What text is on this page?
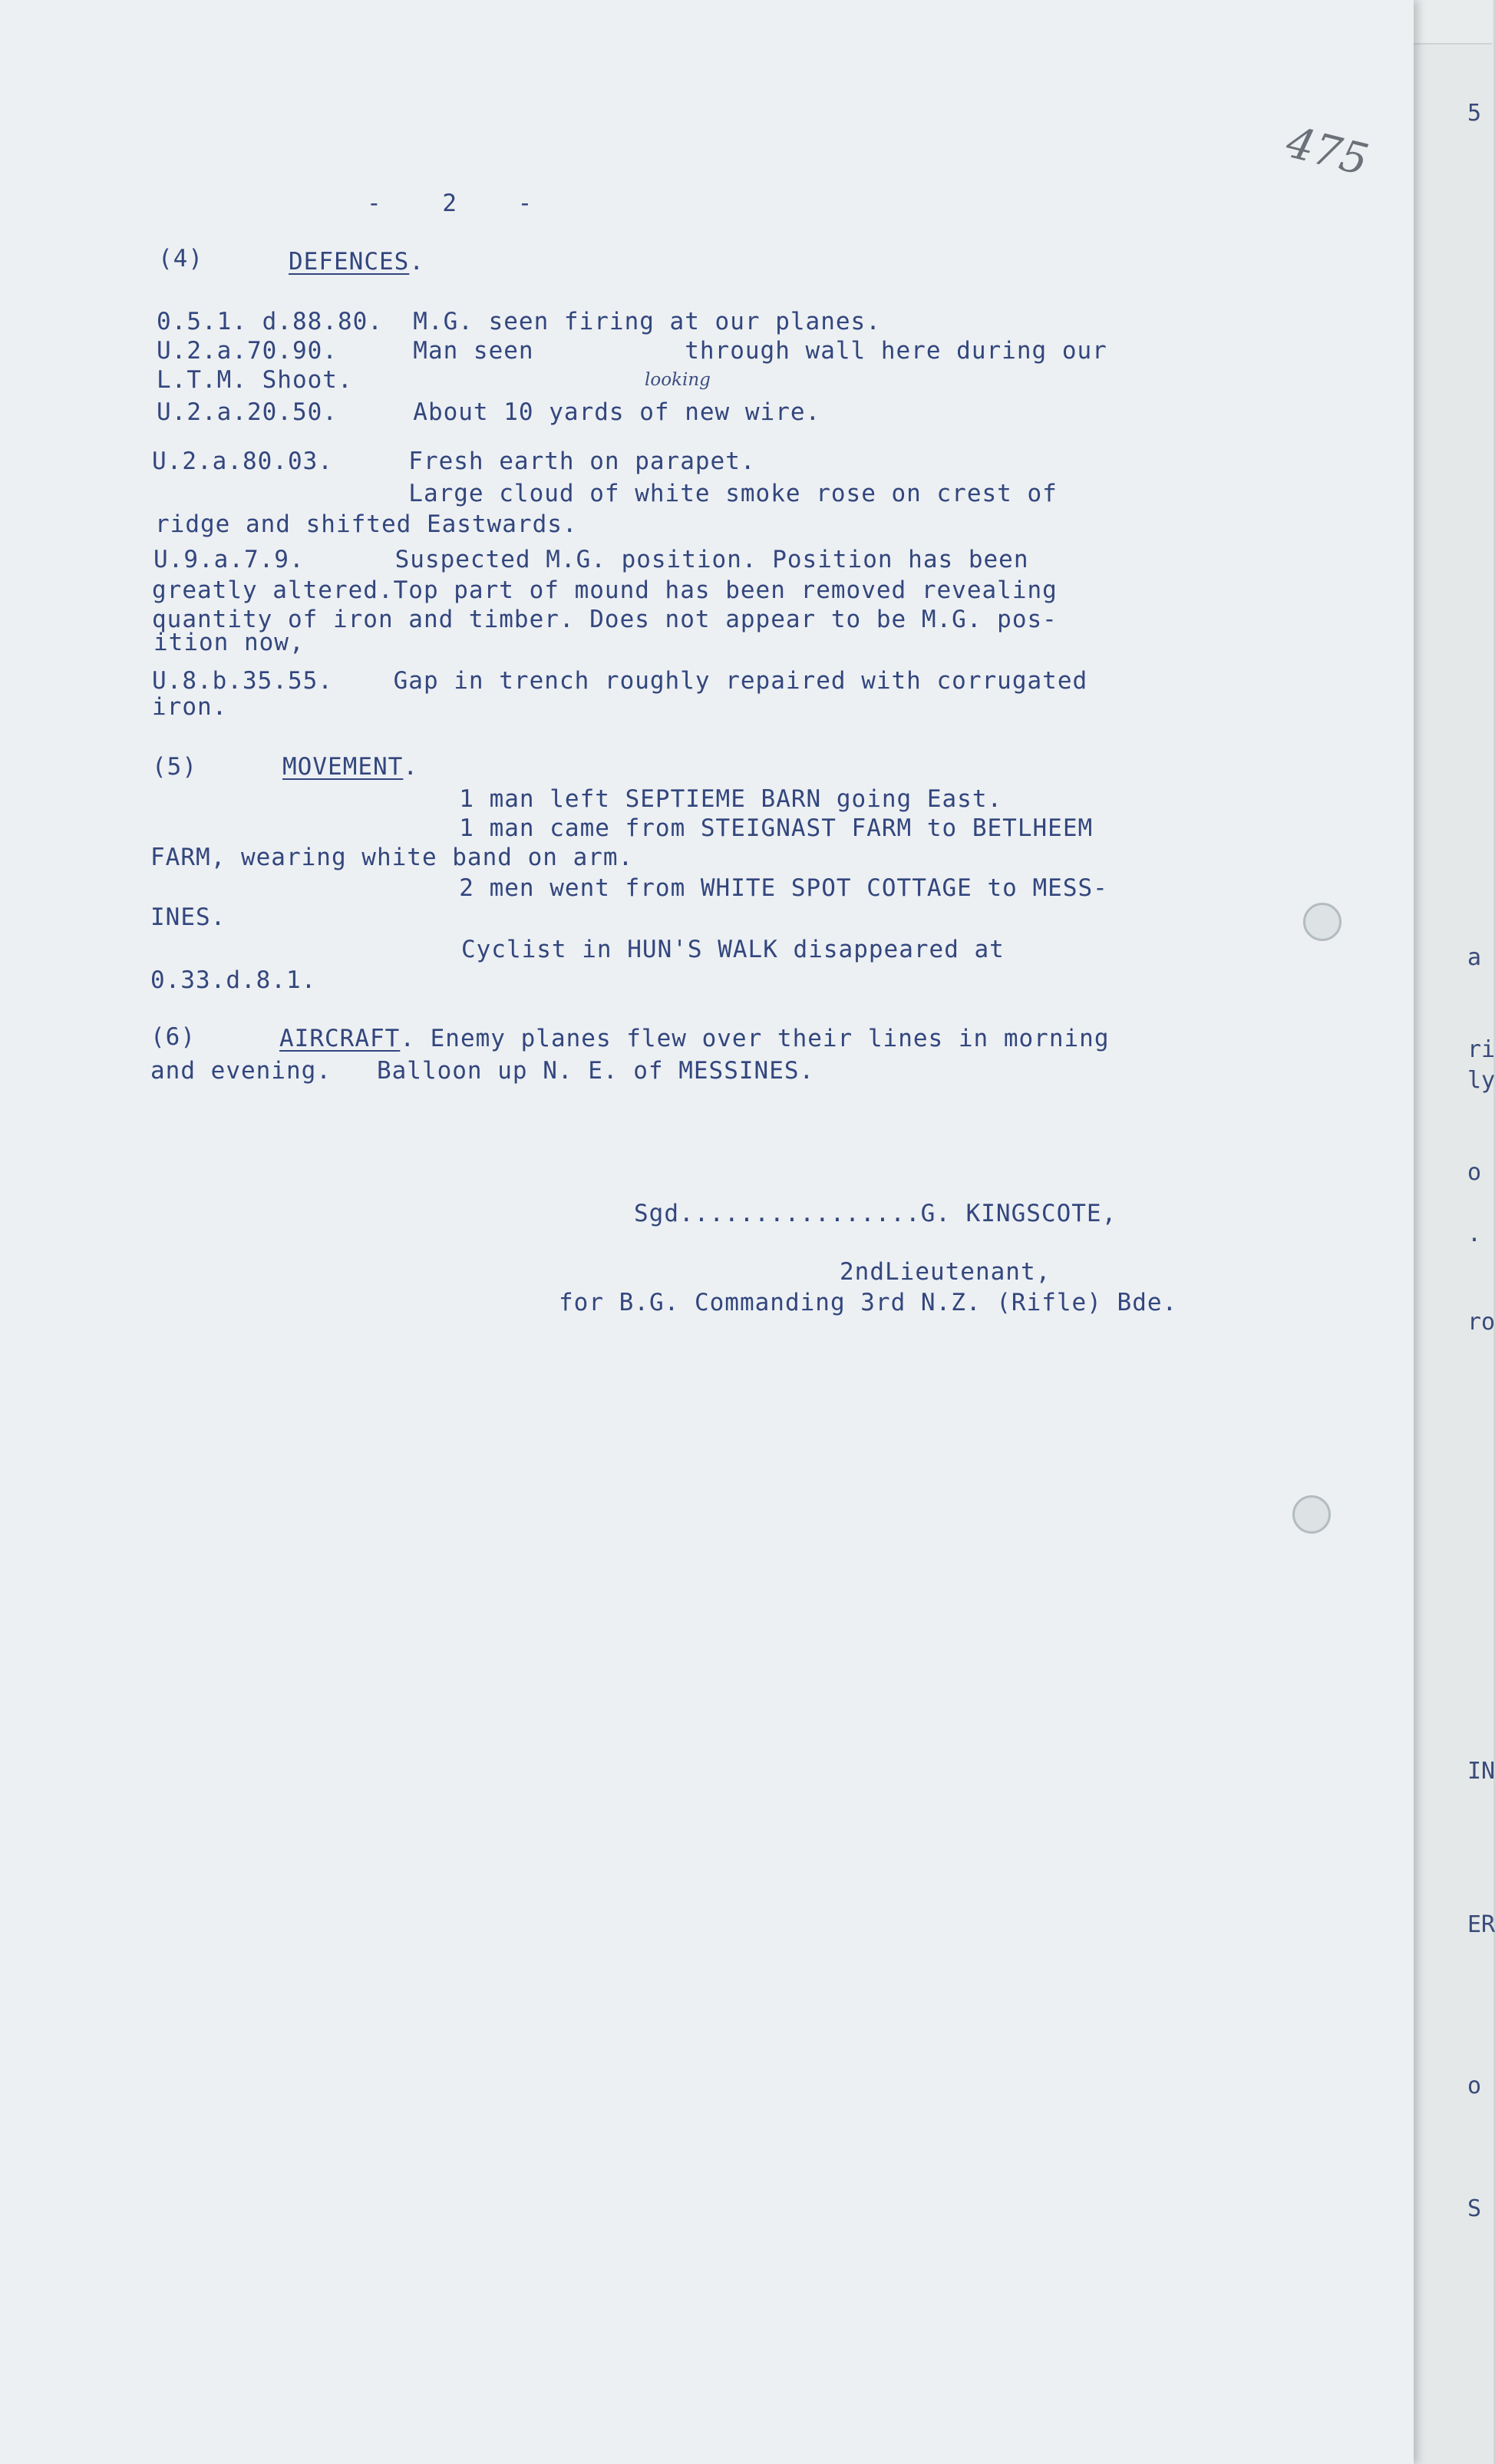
5
a
ri
ly
o
.
ro
IN
ER
o
S
475
-    2    -
(4)	DEFENCES.
0.5.1. d.88.80.  M.G. seen firing at our planes.
U.2.a.70.90.     Man seen          through wall here during our
looking
L.T.M. Shoot.
U.2.a.20.50.     About 10 yards of new wire.
U.2.a.80.03.     Fresh earth on parapet.
Large cloud of white smoke rose on crest of
ridge and shifted Eastwards.
U.9.a.7.9.      Suspected M.G. position. Position has been
greatly altered.Top part of mound has been removed revealing
quantity of iron and timber. Does not appear to be M.G. pos-
ition now,
U.8.b.35.55.    Gap in trench roughly repaired with corrugated
iron.
(5)	MOVEMENT.
1 man left SEPTIEME BARN going East.
1 man came from STEIGNAST FARM to BETLHEEM
FARM, wearing white band on arm.
2 men went from WHITE SPOT COTTAGE to MESS-
INES.
Cyclist in HUN'S WALK disappeared at
0.33.d.8.1.
(6)	AIRCRAFT. Enemy planes flew over their lines in morning
and evening.   Balloon up N. E. of MESSINES.
Sgd................G. KINGSCOTE,
2ndLieutenant,
for B.G. Commanding 3rd N.Z. (Rifle) Bde.
